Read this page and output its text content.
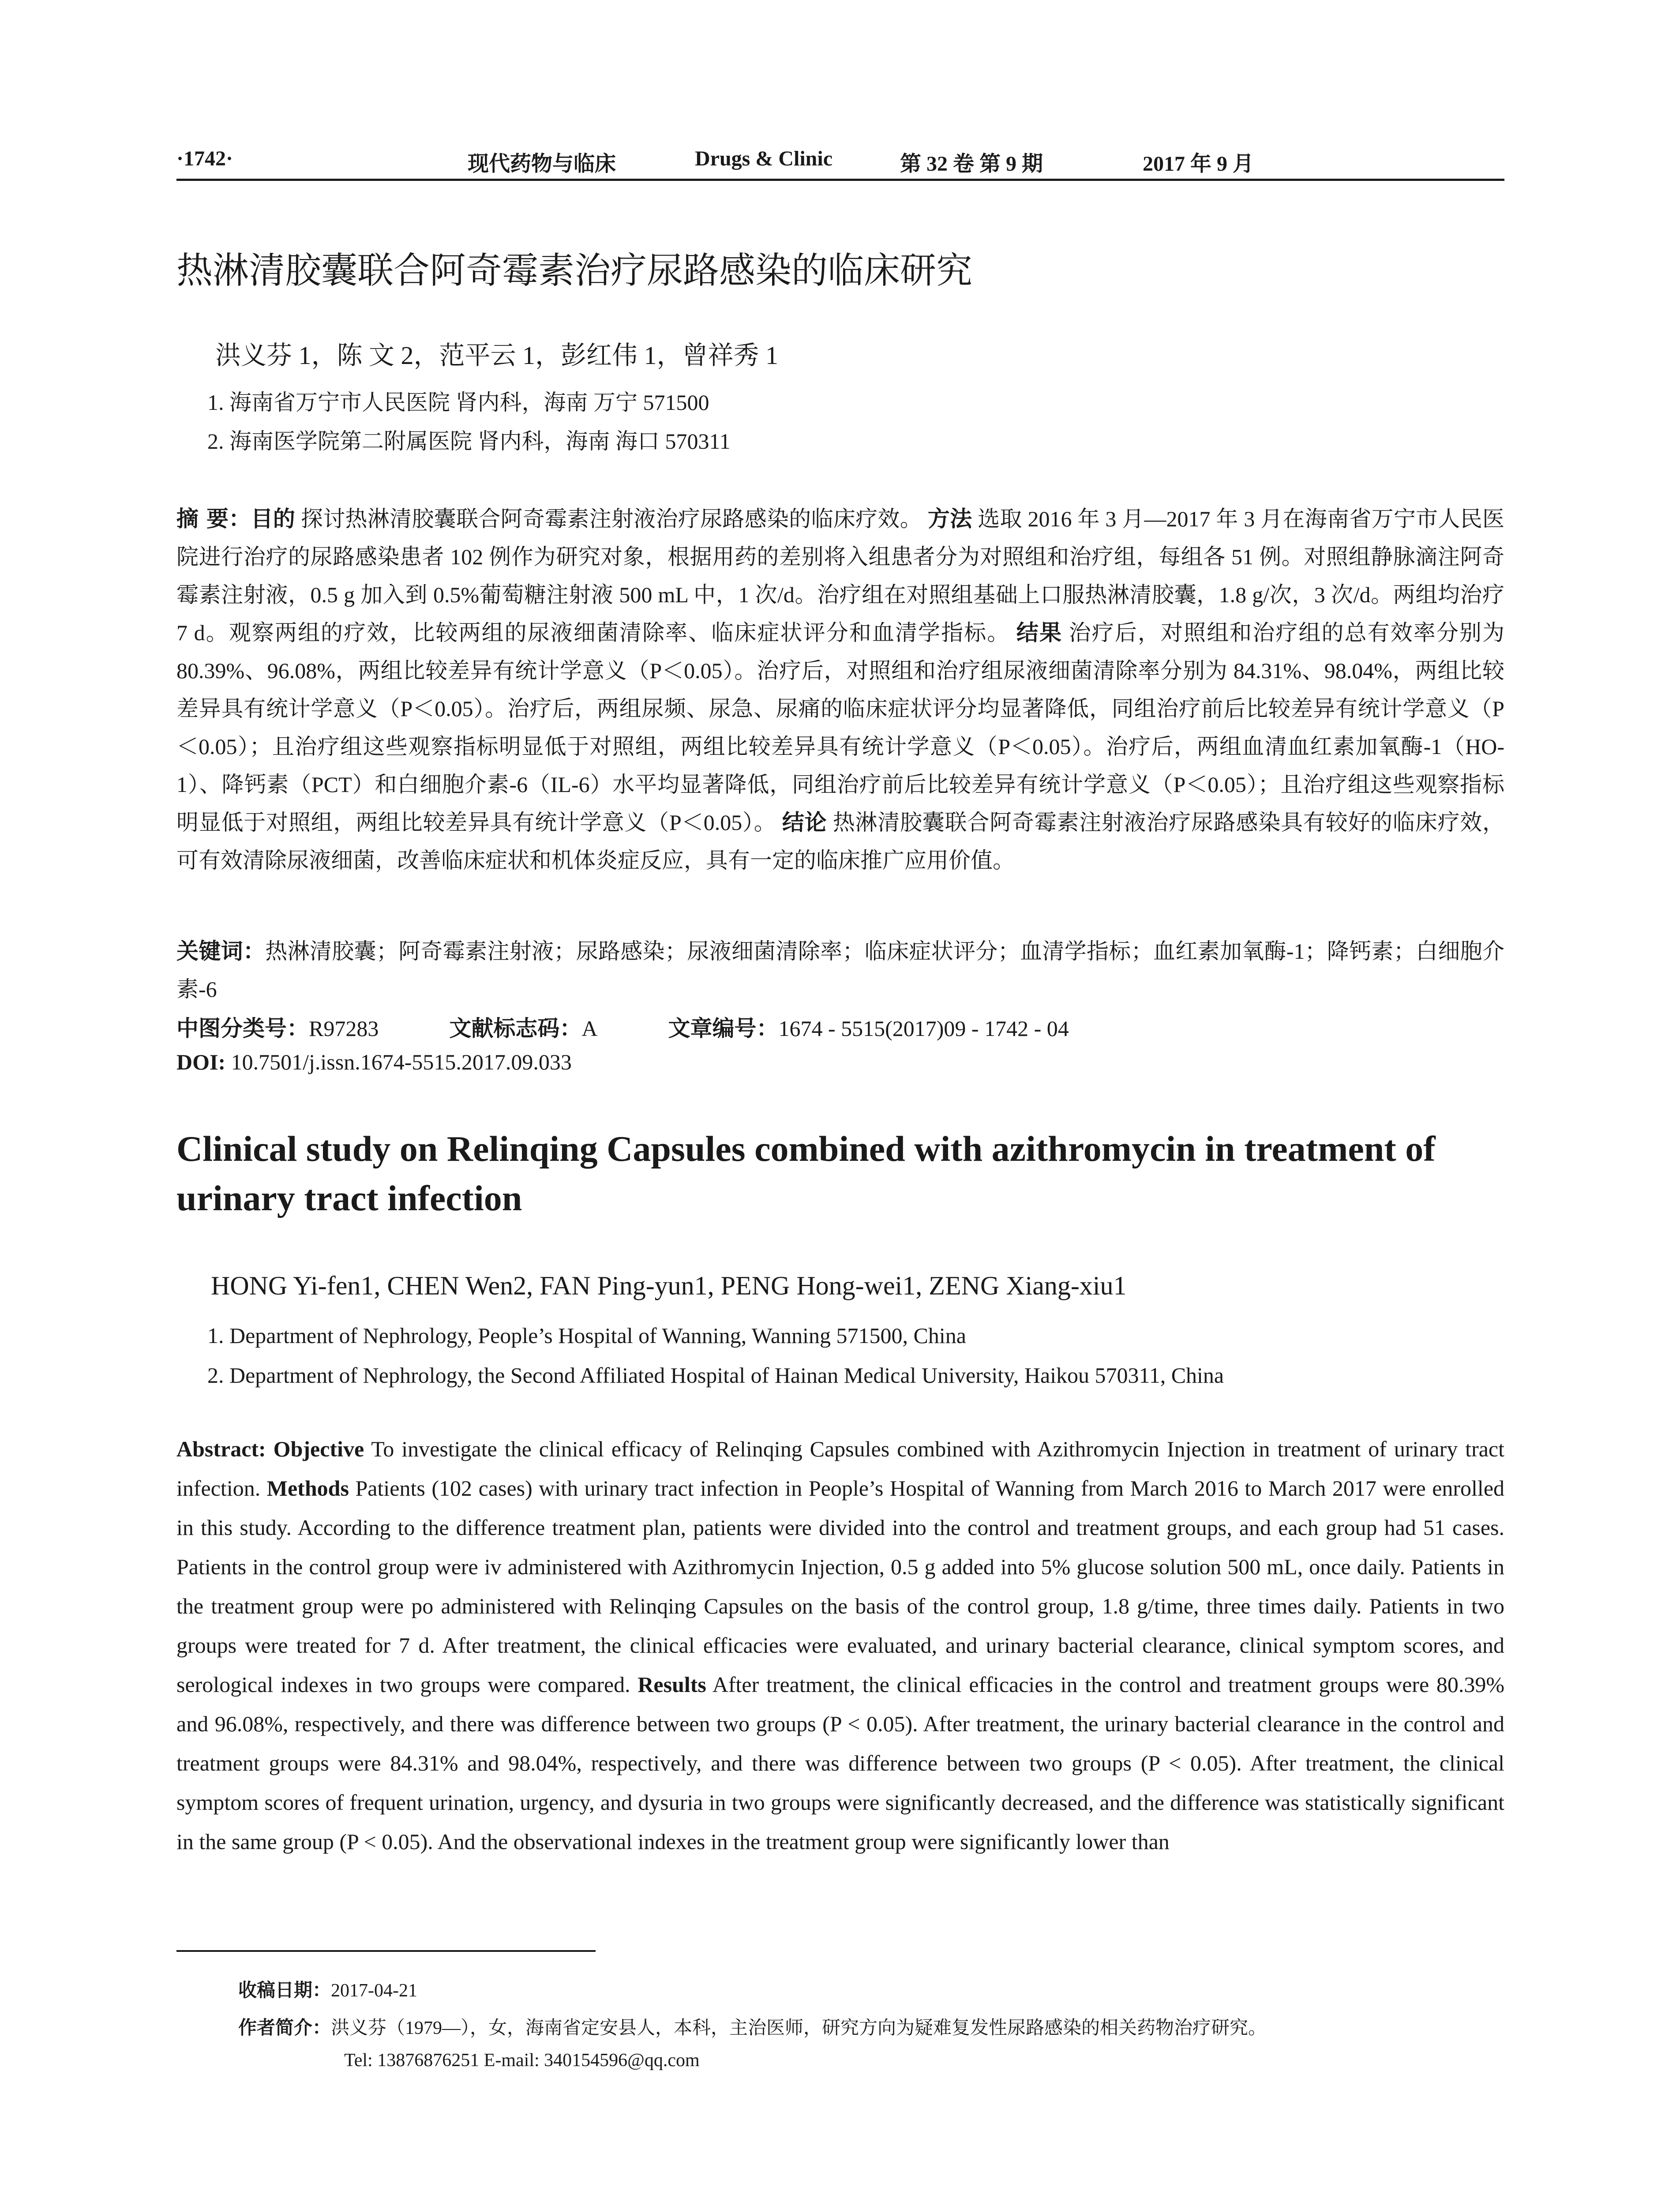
·1742·	现代药物与临床	Drugs & Clinic	第 32 卷 第 9 期	2017 年 9 月
热淋清胶囊联合阿奇霉素治疗尿路感染的临床研究
洪义芬 1，陈 文 2，范平云 1，彭红伟 1，曾祥秀 1
1. 海南省万宁市人民医院 肾内科，海南 万宁 571500
2. 海南医学院第二附属医院 肾内科，海南 海口 570311
摘 要：目的 探讨热淋清胶囊联合阿奇霉素注射液治疗尿路感染的临床疗效。 方法 选取 2016 年 3 月—2017 年 3 月在海南省万宁市人民医院进行治疗的尿路感染患者 102 例作为研究对象，根据用药的差别将入组患者分为对照组和治疗组，每组各 51 例。对照组静脉滴注阿奇霉素注射液，0.5 g 加入到 0.5%葡萄糖注射液 500 mL 中，1 次/d。治疗组在对照组基础上口服热淋清胶囊，1.8 g/次，3 次/d。两组均治疗 7 d。观察两组的疗效，比较两组的尿液细菌清除率、临床症状评分和血清学指标。 结果 治疗后，对照组和治疗组的总有效率分别为 80.39%、96.08%，两组比较差异有统计学意义（P＜0.05）。治疗后，对照组和治疗组尿液细菌清除率分别为 84.31%、98.04%，两组比较差异具有统计学意义（P＜0.05）。治疗后，两组尿频、尿急、尿痛的临床症状评分均显著降低，同组治疗前后比较差异有统计学意义（P＜0.05）；且治疗组这些观察指标明显低于对照组，两组比较差异具有统计学意义（P＜0.05）。治疗后，两组血清血红素加氧酶-1（HO-1）、降钙素（PCT）和白细胞介素-6（IL-6）水平均显著降低，同组治疗前后比较差异有统计学意义（P＜0.05）；且治疗组这些观察指标明显低于对照组，两组比较差异具有统计学意义（P＜0.05）。 结论 热淋清胶囊联合阿奇霉素注射液治疗尿路感染具有较好的临床疗效，可有效清除尿液细菌，改善临床症状和机体炎症反应，具有一定的临床推广应用价值。
关键词：热淋清胶囊；阿奇霉素注射液；尿路感染；尿液细菌清除率；临床症状评分；血清学指标；血红素加氧酶-1；降钙素；白细胞介素-6
中图分类号：R97283	文献标志码：A	文章编号：1674 - 5515(2017)09 - 1742 - 04
DOI: 10.7501/j.issn.1674-5515.2017.09.033
Clinical study on Relinqing Capsules combined with azithromycin in treatment of urinary tract infection
HONG Yi-fen1, CHEN Wen2, FAN Ping-yun1, PENG Hong-wei1, ZENG Xiang-xiu1
1. Department of Nephrology, People’s Hospital of Wanning, Wanning 571500, China
2. Department of Nephrology, the Second Affiliated Hospital of Hainan Medical University, Haikou 570311, China
Abstract: Objective To investigate the clinical efficacy of Relinqing Capsules combined with Azithromycin Injection in treatment of urinary tract infection. Methods Patients (102 cases) with urinary tract infection in People’s Hospital of Wanning from March 2016 to March 2017 were enrolled in this study. According to the difference treatment plan, patients were divided into the control and treatment groups, and each group had 51 cases. Patients in the control group were iv administered with Azithromycin Injection, 0.5 g added into 5% glucose solution 500 mL, once daily. Patients in the treatment group were po administered with Relinqing Capsules on the basis of the control group, 1.8 g/time, three times daily. Patients in two groups were treated for 7 d. After treatment, the clinical efficacies were evaluated, and urinary bacterial clearance, clinical symptom scores, and serological indexes in two groups were compared. Results After treatment, the clinical efficacies in the control and treatment groups were 80.39% and 96.08%, respectively, and there was difference between two groups (P < 0.05). After treatment, the urinary bacterial clearance in the control and treatment groups were 84.31% and 98.04%, respectively, and there was difference between two groups (P < 0.05). After treatment, the clinical symptom scores of frequent urination, urgency, and dysuria in two groups were significantly decreased, and the difference was statistically significant in the same group (P < 0.05). And the observational indexes in the treatment group were significantly lower than
收稿日期：2017-04-21
作者简介：洪义芬（1979—），女，海南省定安县人，本科，主治医师，研究方向为疑难复发性尿路感染的相关药物治疗研究。
Tel: 13876876251 E-mail: 340154596@qq.com
